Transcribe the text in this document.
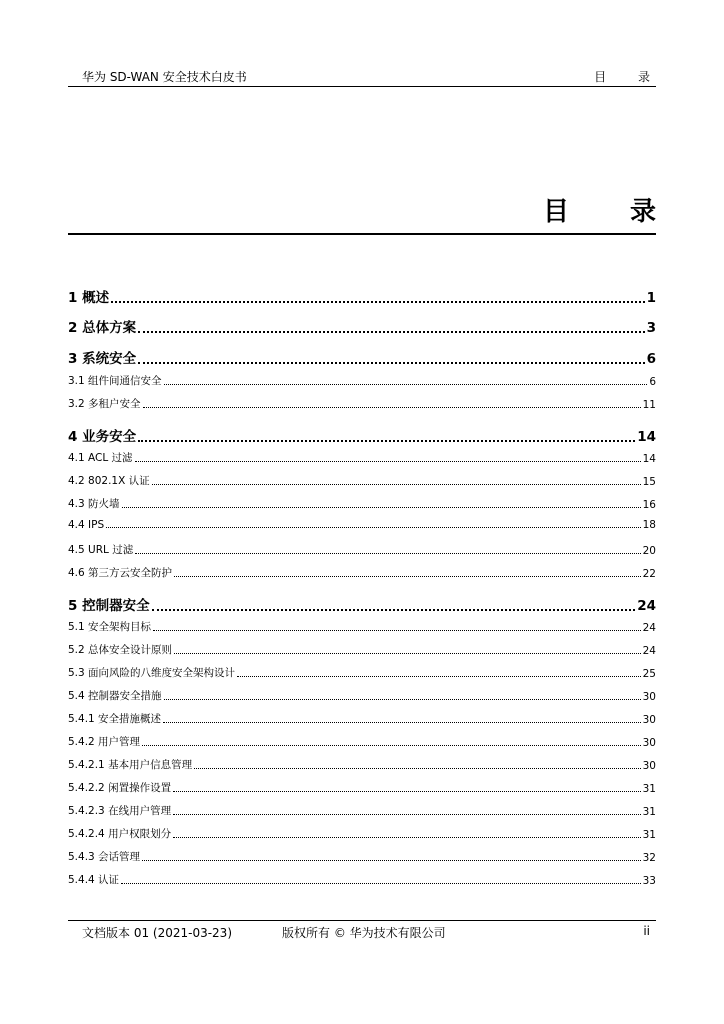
华为 SD-WAN 安全技术白皮书	目 录
目 录
1 概述	1
2 总体方案	3
3 系统安全	6
3.1 组件间通信安全	6
3.2 多租户安全	11
4 业务安全	14
4.1 ACL 过滤	14
4.2 802.1X 认证	15
4.3 防火墙	16
4.4 IPS	18
4.5 URL 过滤	20
4.6 第三方云安全防护	22
5 控制器安全	24
5.1 安全架构目标	24
5.2 总体安全设计原则	24
5.3 面向风险的八维度安全架构设计	25
5.4 控制器安全措施	30
5.4.1 安全措施概述	30
5.4.2 用户管理	30
5.4.2.1 基本用户信息管理	30
5.4.2.2 闲置操作设置	31
5.4.2.3 在线用户管理	31
5.4.2.4 用户权限划分	31
5.4.3 会话管理	32
5.4.4 认证	33
文档版本 01 (2021-03-23)	版权所有 © 华为技术有限公司	ii
